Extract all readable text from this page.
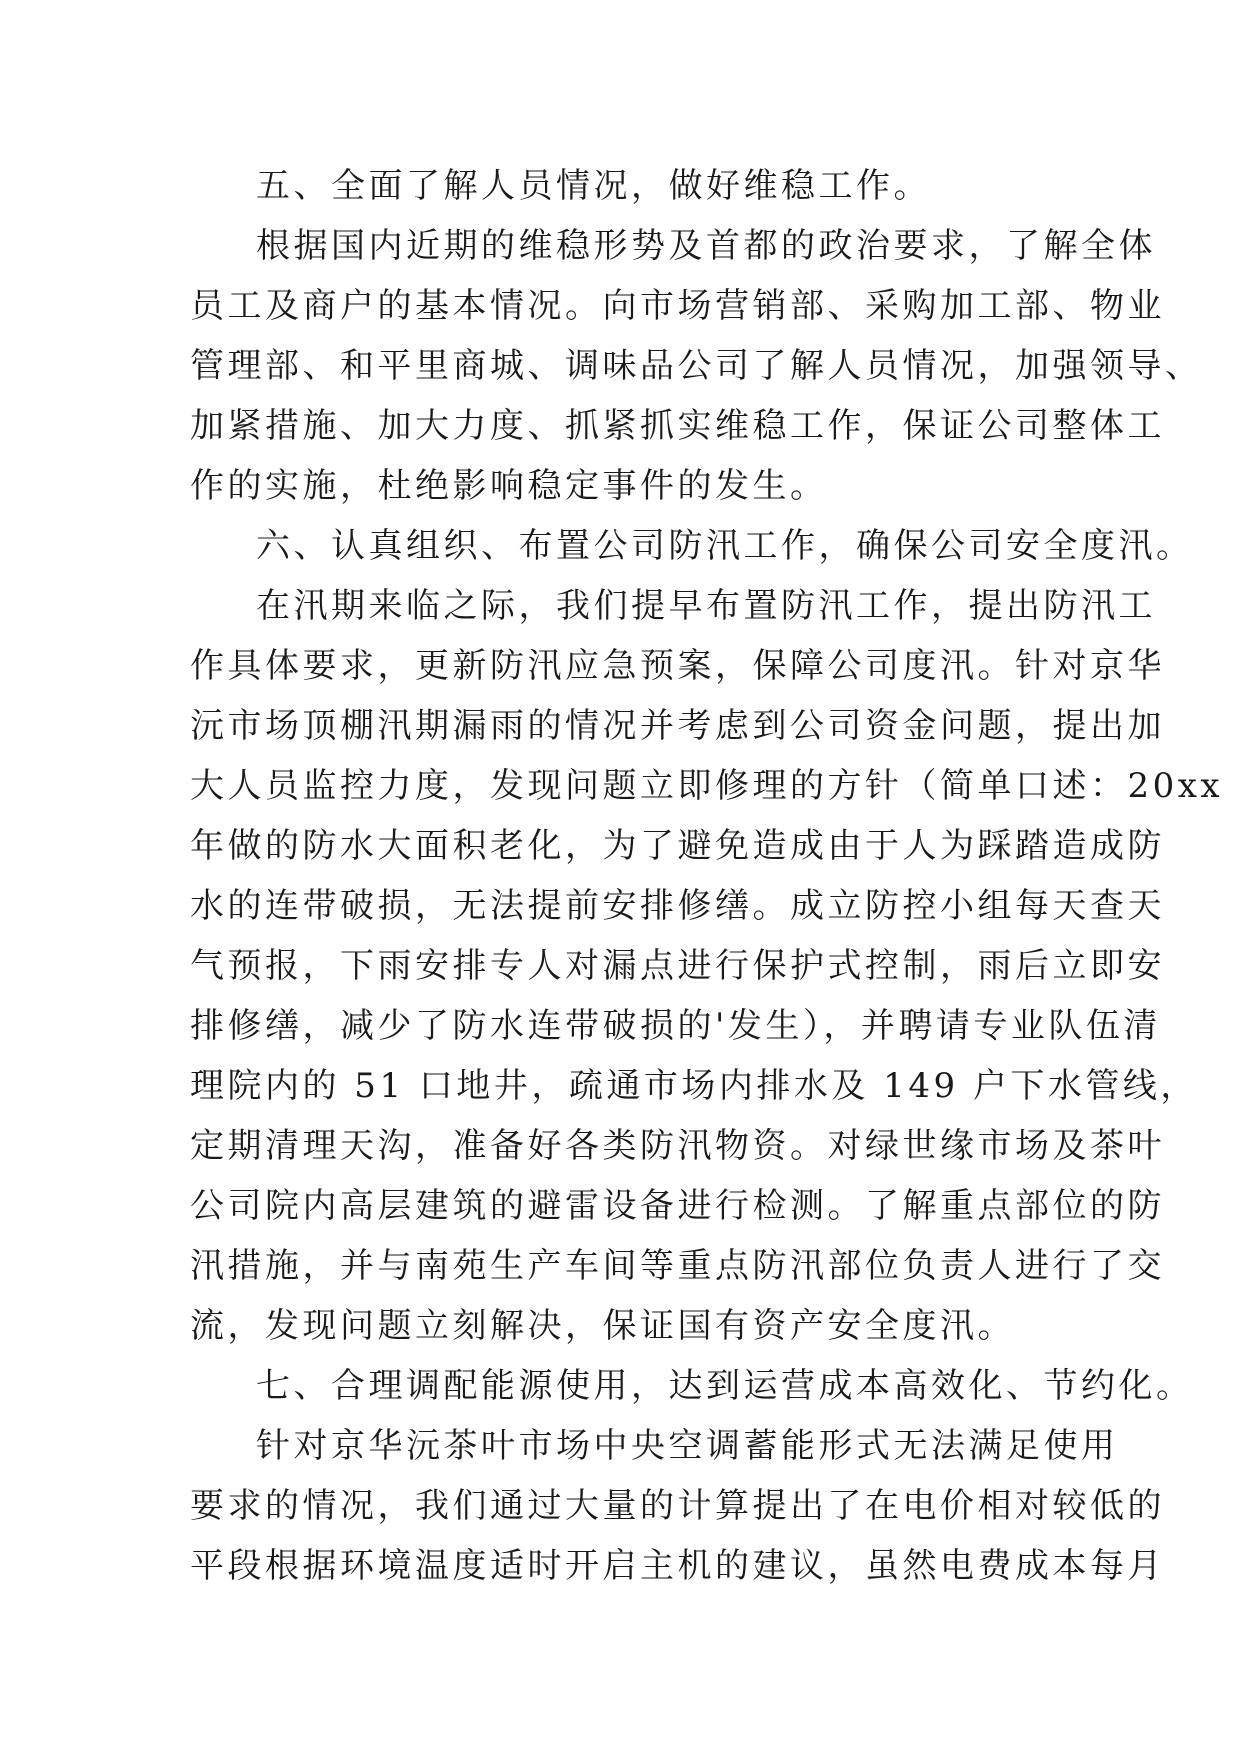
五、全面了解人员情况，做好维稳工作。
根据国内近期的维稳形势及首都的政治要求，了解全体
员工及商户的基本情况。向市场营销部、采购加工部、物业
管理部、和平里商城、调味品公司了解人员情况，加强领导、
加紧措施、加大力度、抓紧抓实维稳工作，保证公司整体工
作的实施，杜绝影响稳定事件的发生。
六、认真组织、布置公司防汛工作，确保公司安全度汛。
在汛期来临之际，我们提早布置防汛工作，提出防汛工
作具体要求，更新防汛应急预案，保障公司度汛。针对京华
沅市场顶棚汛期漏雨的情况并考虑到公司资金问题，提出加
大人员监控力度，发现问题立即修理的方针（简单口述：20xx
年做的防水大面积老化，为了避免造成由于人为踩踏造成防
水的连带破损，无法提前安排修缮。成立防控小组每天查天
气预报，下雨安排专人对漏点进行保护式控制，雨后立即安
排修缮，减少了防水连带破损的'发生），并聘请专业队伍清
理院内的 51 口地井，疏通市场内排水及 149 户下水管线，
定期清理天沟，准备好各类防汛物资。对绿世缘市场及茶叶
公司院内高层建筑的避雷设备进行检测。了解重点部位的防
汛措施，并与南苑生产车间等重点防汛部位负责人进行了交
流，发现问题立刻解决，保证国有资产安全度汛。
七、合理调配能源使用，达到运营成本高效化、节约化。
针对京华沅茶叶市场中央空调蓄能形式无法满足使用
要求的情况，我们通过大量的计算提出了在电价相对较低的
平段根据环境温度适时开启主机的建议，虽然电费成本每月
